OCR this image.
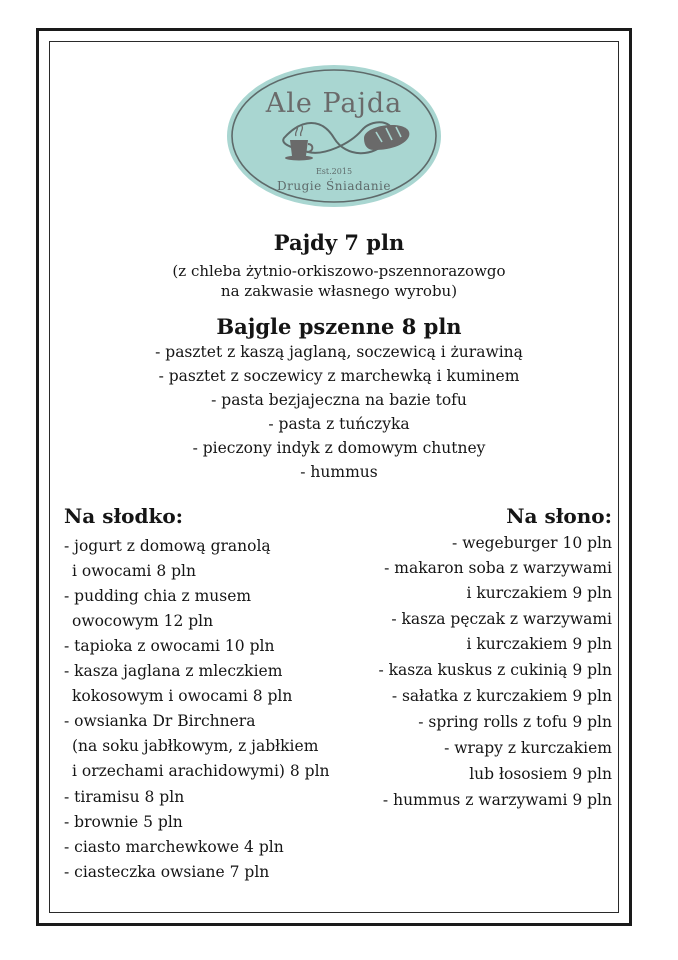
Ale Pajda
Est.2015
Drugie Śniadanie
Pajdy 7 pln
(z chleba żytnio-orkiszowo-pszennorazowgo
na zakwasie własnego wyrobu)
Bajgle pszenne 8 pln
- pasztet z kaszą jaglaną, soczewicą i żurawiną
- pasztet z soczewicy z marchewką i kuminem
- pasta bezjajeczna na bazie tofu
- pasta z tuńczyka
- pieczony indyk z domowym chutney
- hummus
Na słodko:
- jogurt z domową granolą
i owocami 8 pln
- pudding chia z musem
owocowym 12 pln
- tapioka z owocami 10 pln
- kasza jaglana z mleczkiem
kokosowym i owocami 8 pln
- owsianka Dr Birchnera
(na soku jabłkowym, z jabłkiem
i orzechami arachidowymi) 8 pln
- tiramisu 8 pln
- brownie 5 pln
- ciasto marchewkowe 4 pln
- ciasteczka owsiane 7 pln
Na słono:
- wegeburger 10 pln
- makaron soba z warzywami
i kurczakiem 9 pln
- kasza pęczak z warzywami
i kurczakiem 9 pln
- kasza kuskus z cukinią 9 pln
- sałatka z kurczakiem 9 pln
- spring rolls z tofu 9 pln
- wrapy z kurczakiem
lub łososiem 9 pln
- hummus z warzywami 9 pln
